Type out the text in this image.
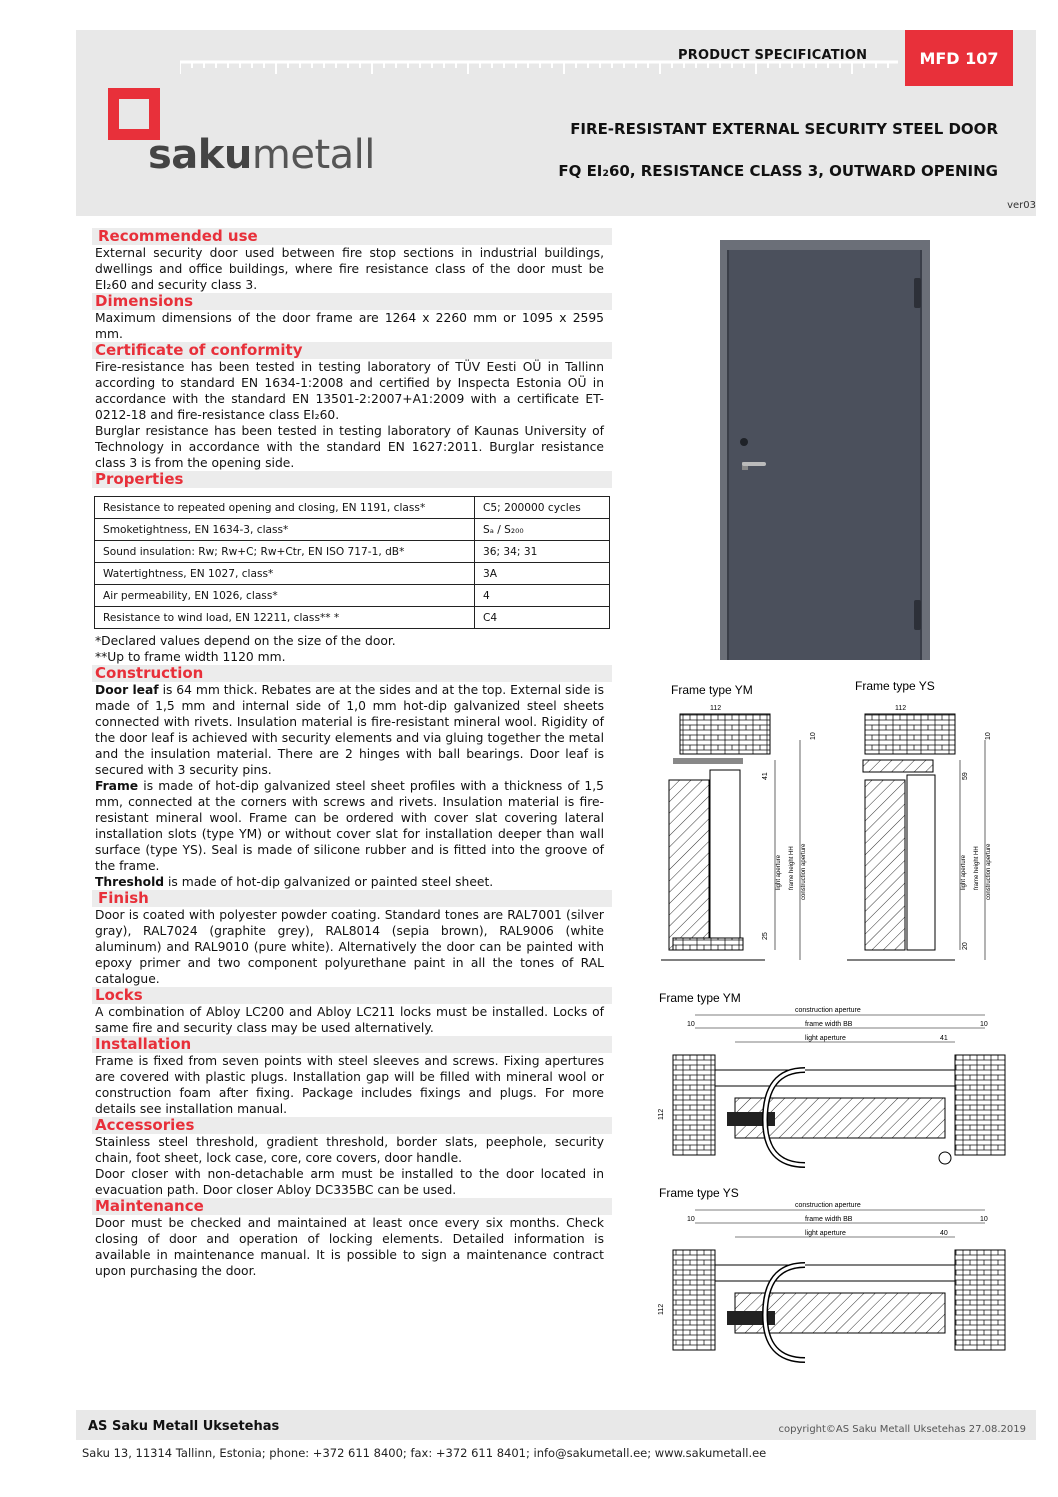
PRODUCT SPECIFICATION	MFD 107
sakumetall
FIRE-RESISTANT EXTERNAL SECURITY STEEL DOOR
FQ EI₂60, RESISTANCE CLASS 3, OUTWARD OPENING
ver03
Recommended use

External security door used between fire stop sections in industrial buildings, dwellings and office buildings, where fire resistance class of the door must be EI₂60 and security class 3.

Dimensions

Maximum dimensions of the door frame are 1264 x 2260 mm or 1095 x 2595 mm.

Certificate of conformity

Fire-resistance has been tested in testing laboratory of TÜV Eesti OÜ in Tallinn according to standard EN 1634-1:2008 and certified by Inspecta Estonia OÜ in accordance with the standard EN 13501-2:2007+A1:2009 with a certificate ET-0212-18 and fire-resistance class EI₂60.

Burglar resistance has been tested in testing laboratory of Kaunas University of Technology in accordance with the standard EN 1627:2011. Burglar resistance class 3 is from the opening side.

Properties
Resistance to repeated opening and closing, EN 1191, class*	C5; 200000 cycles
Smoketightness, EN 1634-3, class*	Sₐ / S₂₀₀
Sound insulation: Rw; Rw+C; Rw+Ctr, EN ISO 717-1, dB*	36; 34; 31
Watertightness, EN 1027, class*	3A
Air permeability, EN 1026, class*	4
Resistance to wind load, EN 12211, class** *	C4

*Declared values depend on the size of the door.

**Up to frame width 1120 mm.

Construction

Door leaf is 64 mm thick. Rebates are at the sides and at the top. External side is made of 1,5 mm and internal side of 1,0 mm hot-dip galvanized steel sheets connected with rivets. Insulation material is fire-resistant mineral wool. Rigidity of the door leaf is achieved with security elements and via gluing together the metal and the insulation material. There are 2 hinges with ball bearings. Door leaf is secured with 3 security pins.

Frame is made of hot-dip galvanized steel sheet profiles with a thickness of 1,5 mm, connected at the corners with screws and rivets. Insulation material is fire-resistant mineral wool. Frame can be ordered with cover slat covering lateral installation slots (type YM) or without cover slat for installation deeper than wall surface (type YS). Seal is made of silicone rubber and is fitted into the groove of the frame.

Threshold is made of hot-dip galvanized or painted steel sheet.

Finish

Door is coated with polyester powder coating. Standard tones are RAL7001 (silver gray), RAL7024 (graphite grey), RAL8014 (sepia brown), RAL9006 (white aluminum) and RAL9010 (pure white). Alternatively the door can be painted with epoxy primer and two component polyurethane paint in all the tones of RAL catalogue.

Locks

A combination of Abloy LC200 and Abloy LC211 locks must be installed. Locks of same fire and security class may be used alternatively.

Installation

Frame is fixed from seven points with steel sleeves and screws. Fixing apertures are covered with plastic plugs. Installation gap will be filled with mineral wool or construction foam after fixing. Package includes fixings and plugs. For more details see installation manual.

Accessories

Stainless steel threshold, gradient threshold, border slats, peephole, security chain, foot sheet, lock case, core, core covers, door handle.

Door closer with non-detachable arm must be installed to the door located in evacuation path. Door closer Abloy DC335BC can be used.

Maintenance

Door must be checked and maintained at least once every six months. Check closing of door and operation of locking elements. Detailed information is available in maintenance manual. It is possible to sign a maintenance contract upon purchasing the door.

Frame type YM	Frame type YS
112
light aperture frame height HH construction aperture
41
25
10
112
light aperture frame height HH construction aperture
59
20
10
Frame type YM
construction aperture
10	frame width BB	10
light aperture	41
112
Frame type YS
construction aperture
10	frame width BB	10
light aperture	40
112
AS Saku Metall Uksetehas	copyright©AS Saku Metall Uksetehas 27.08.2019
Saku 13, 11314 Tallinn, Estonia; phone: +372 611 8400; fax: +372 611 8401; info@sakumetall.ee; www.sakumetall.ee
